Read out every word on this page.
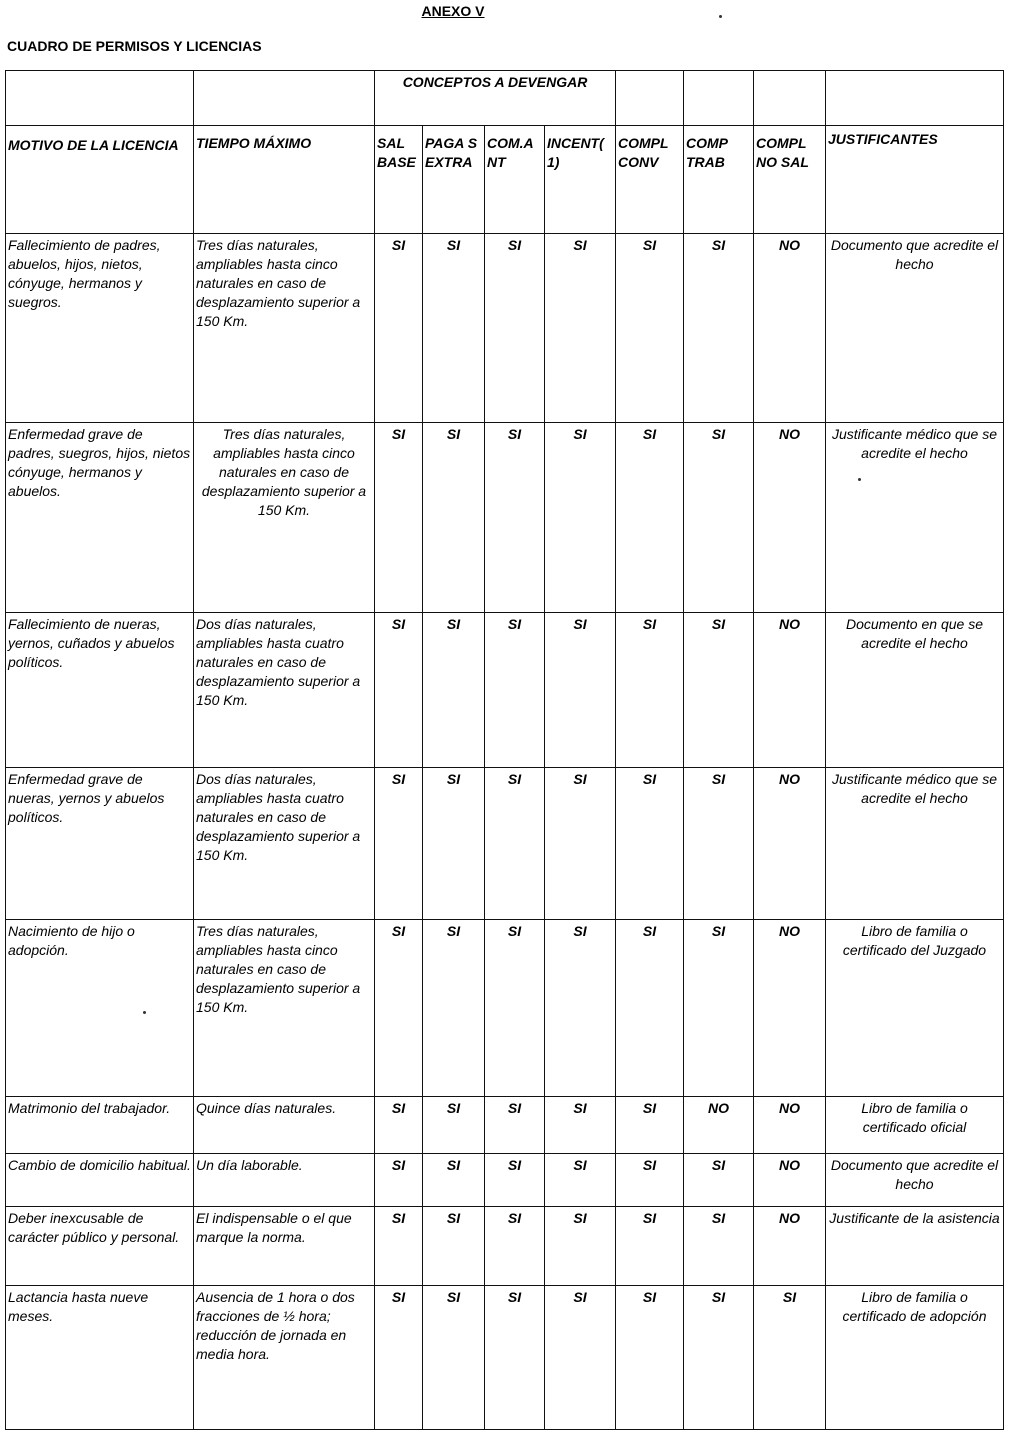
ANEXO V
CUADRO DE PERMISOS Y LICENCIAS
		CONCEPTOS A DEVENGAR							
MOTIVO DE LA LICENCIA	TIEMPO MÁXIMO	SAL BASE	PAGA S EXTRA	COM.A NT	INCENT( 1)	COMPL CONV	COMP TRAB	COMPL NO SAL	JUSTIFICANTES
Fallecimiento de padres, abuelos, hijos, nietos, cónyuge, hermanos y suegros.	Tres días naturales, ampliables hasta cinco naturales en caso de desplazamiento superior a 150 Km.	SI	SI	SI	SI	SI	SI	NO	Documento que acredite el hecho
Enfermedad grave de padres, suegros, hijos, nietos cónyuge, hermanos y abuelos.	Tres días naturales, ampliables hasta cinco naturales en caso de desplazamiento superior a 150 Km.	SI	SI	SI	SI	SI	SI	NO	Justificante médico que se acredite el hecho
Fallecimiento de nueras, yernos, cuñados y abuelos políticos.	Dos días naturales, ampliables hasta cuatro naturales en caso de desplazamiento superior a 150 Km.	SI	SI	SI	SI	SI	SI	NO	Documento en que se acredite el hecho
Enfermedad grave de nueras, yernos y abuelos políticos.	Dos días naturales, ampliables hasta cuatro naturales en caso de desplazamiento superior a 150 Km.	SI	SI	SI	SI	SI	SI	NO	Justificante médico que se acredite el hecho
Nacimiento de hijo o adopción.	Tres días naturales, ampliables hasta cinco naturales en caso de desplazamiento superior a 150 Km.	SI	SI	SI	SI	SI	SI	NO	Libro de familia o certificado del Juzgado
Matrimonio del trabajador.	Quince días naturales.	SI	SI	SI	SI	SI	NO	NO	Libro de familia o certificado oficial
Cambio de domicilio habitual.	Un día laborable.	SI	SI	SI	SI	SI	SI	NO	Documento que acredite el hecho
Deber inexcusable de carácter público y personal.	El indispensable o el que marque la norma.	SI	SI	SI	SI	SI	SI	NO	Justificante de la asistencia
Lactancia hasta nueve meses.	Ausencia de 1 hora o dos fracciones de ½ hora; reducción de jornada en media hora.	SI	SI	SI	SI	SI	SI	SI	Libro de familia o certificado de adopción
